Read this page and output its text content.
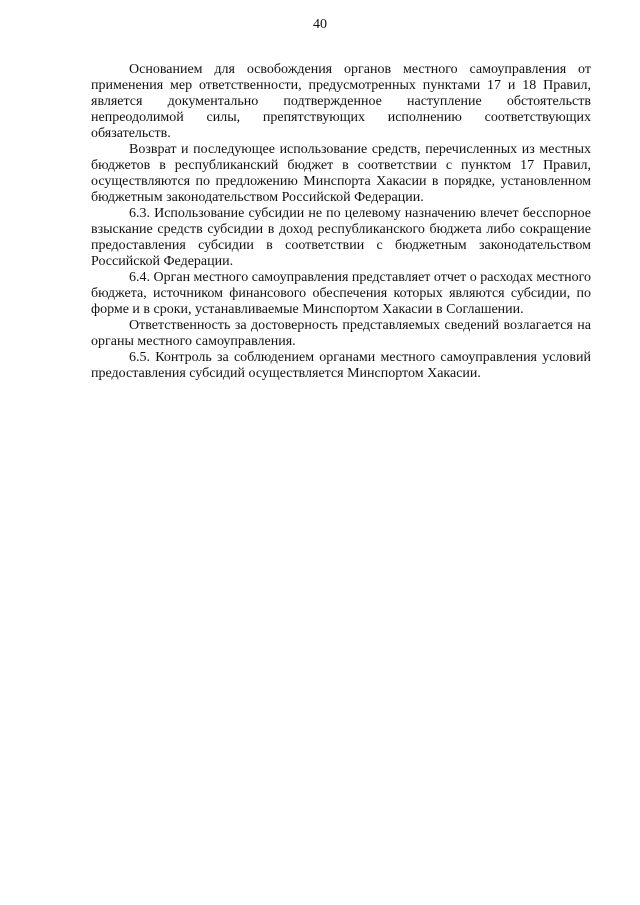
40

Основанием для освобождения органов местного самоуправления от применения мер ответственности, предусмотренных пунктами 17 и 18 Правил, является документально подтвержденное наступление обстоятельств непреодолимой силы, препятствующих исполнению соответствующих обязательств.

Возврат и последующее использование средств, перечисленных из местных бюджетов в республиканский бюджет в соответствии с пунктом 17 Правил, осуществляются по предложению Минспорта Хакасии в порядке, установленном бюджетным законодательством Российской Федерации.

6.3. Использование субсидии не по целевому назначению влечет бесспорное взыскание средств субсидии в доход республиканского бюджета либо сокращение предоставления субсидии в соответствии с бюджетным законодательством Российской Федерации.

6.4. Орган местного самоуправления представляет отчет о расходах местного бюджета, источником финансового обеспечения которых являются субсидии, по форме и в сроки, устанавливаемые Минспортом Хакасии в Соглашении.

Ответственность за достоверность представляемых сведений возлагается на органы местного самоуправления.

6.5. Контроль за соблюдением органами местного самоуправления условий предоставления субсидий осуществляется Минспортом Хакасии.
